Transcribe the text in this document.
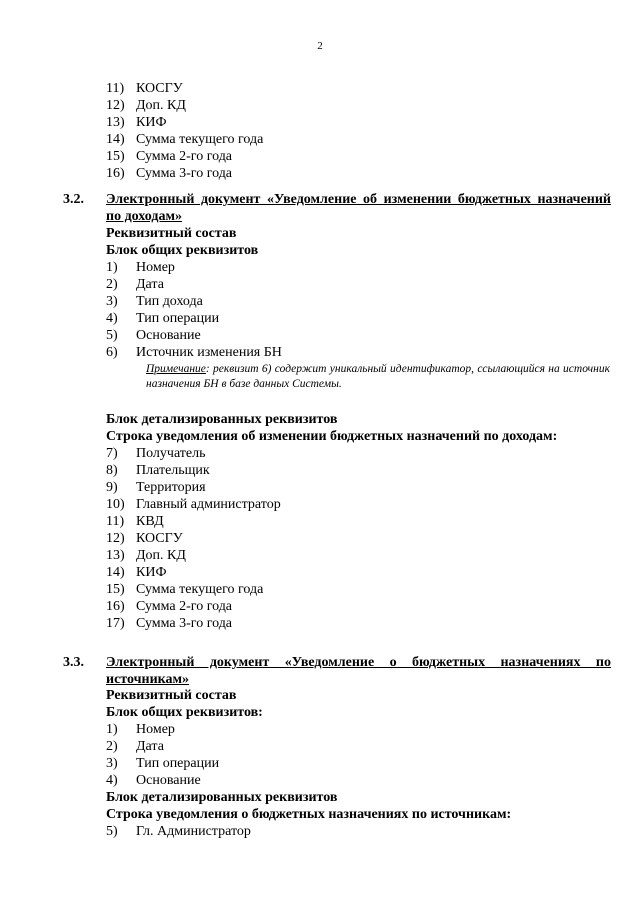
2
11) КОСГУ
12) Доп. КД
13) КИФ
14) Сумма текущего года
15) Сумма 2-го года
16) Сумма 3-го года
3.2. Электронный документ «Уведомление об изменении бюджетных назначений по доходам»
Реквизитный состав
Блок общих реквизитов
1)	Номер
2)	Дата
3)	Тип дохода
4)	Тип операции
5)	Основание
6)	Источник изменения БН
Примечание: реквизит 6) содержит уникальный идентификатор, ссылающийся на источник назначения БН в базе данных Системы.
Блок детализированных реквизитов
Строка уведомления об изменении бюджетных назначений по доходам:
7)	Получатель
8)	Плательщик
9)	Территория
10) Главный администратор
11) КВД
12) КОСГУ
13) Доп. КД
14) КИФ
15) Сумма текущего года
16) Сумма 2-го года
17) Сумма 3-го года
3.3. Электронный документ «Уведомление о бюджетных назначениях по источникам»
Реквизитный состав
Блок общих реквизитов:
1)	Номер
2)	Дата
3)	Тип операции
4)	Основание
Блок детализированных реквизитов
Строка уведомления о бюджетных назначениях по источникам:
5)	Гл. Администратор
